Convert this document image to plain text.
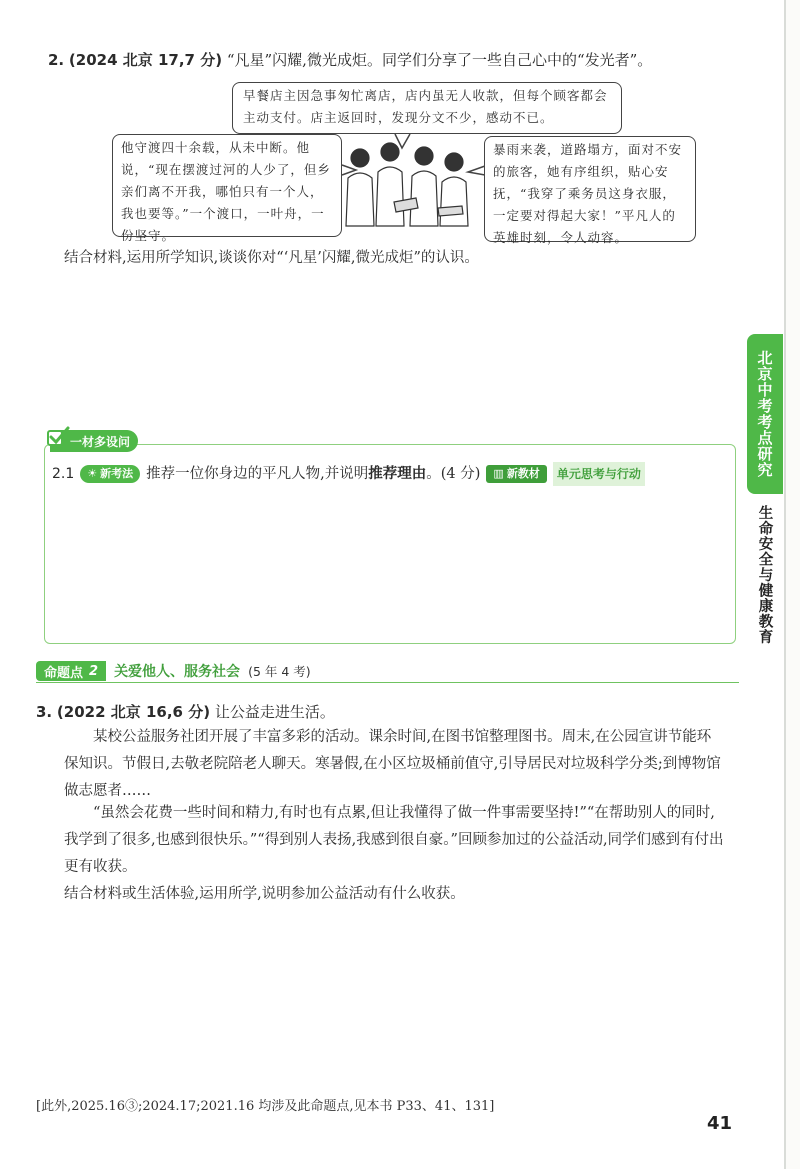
2. (2024 北京 17,7 分) “凡星”闪耀,微光成炬。同学们分享了一些自己心中的“发光者”。
早餐店主因急事匆忙离店，店内虽无人收款，但每个顾客都会主动支付。店主返回时，发现分文不少，感动不已。
他守渡四十余载，从未中断。他说，“现在摆渡过河的人少了，但乡亲们离不开我，哪怕只有一个人，我也要等。”一个渡口，一叶舟，一份坚守。
暴雨来袭，道路塌方，面对不安的旅客，她有序组织，贴心安抚，“我穿了乘务员这身衣服，一定要对得起大家！”平凡人的英雄时刻，令人动容。
结合材料,运用所学知识,谈谈你对“‘凡星’闪耀,微光成炬”的认识。
一材多设问
2.1 ☀ 新考法 推荐一位你身边的平凡人物,并说明推荐理由。(4 分) ▥ 新教材	单元思考与行动
命题点 2 关爱他人、服务社会 (5 年 4 考)
3. (2022 北京 16,6 分) 让公益走进生活。
某校公益服务社团开展了丰富多彩的活动。课余时间,在图书馆整理图书。周末,在公园宣讲节能环保知识。节假日,去敬老院陪老人聊天。寒暑假,在小区垃圾桶前值守,引导居民对垃圾科学分类;到博物馆做志愿者……
“虽然会花费一些时间和精力,有时也有点累,但让我懂得了做一件事需要坚持!”“在帮助别人的同时,我学到了很多,也感到很快乐。”“得到别人表扬,我感到很自豪。”回顾参加过的公益活动,同学们感到有付出更有收获。
结合材料或生活体验,运用所学,说明参加公益活动有什么收获。
北京中考考点研究
生命安全与健康教育
[此外,2025.16③;2024.17;2021.16 均涉及此命题点,见本书 P33、41、131]
41
